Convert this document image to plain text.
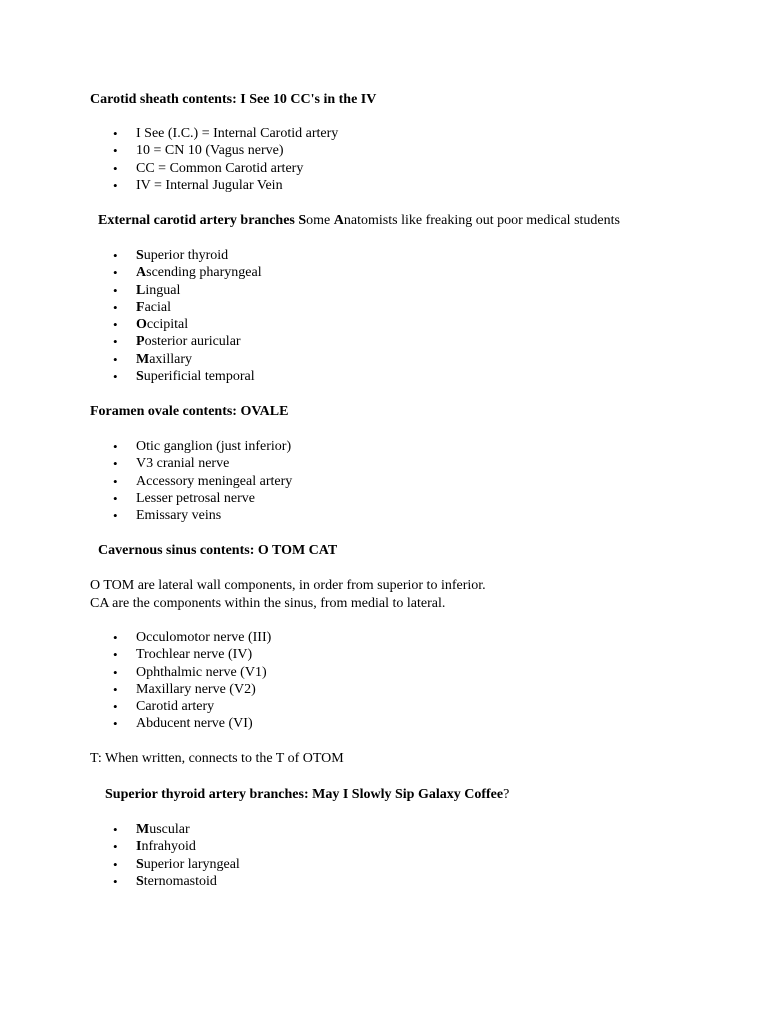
Carotid sheath contents: I See 10 CC's in the IV
• I See (I.C.) = Internal Carotid artery
• 10 = CN 10 (Vagus nerve)
• CC = Common Carotid artery
• IV = Internal Jugular Vein
External carotid artery branches Some Anatomists like freaking out poor medical students
• Superior thyroid
• Ascending pharyngeal
• Lingual
• Facial
• Occipital
• Posterior auricular
• Maxillary
• Superificial temporal
Foramen ovale contents: OVALE
• Otic ganglion (just inferior)
• V3 cranial nerve
• Accessory meningeal artery
• Lesser petrosal nerve
• Emissary veins
Cavernous sinus contents: O TOM CAT
O TOM are lateral wall components, in order from superior to inferior.
CA are the components within the sinus, from medial to lateral.
• Occulomotor nerve (III)
• Trochlear nerve (IV)
• Ophthalmic nerve (V1)
• Maxillary nerve (V2)
• Carotid artery
• Abducent nerve (VI)
T: When written, connects to the T of OTOM
Superior thyroid artery branches: May I Slowly Sip Galaxy Coffee?
• Muscular
• Infrahyoid
• Superior laryngeal
• Sternomastoid
